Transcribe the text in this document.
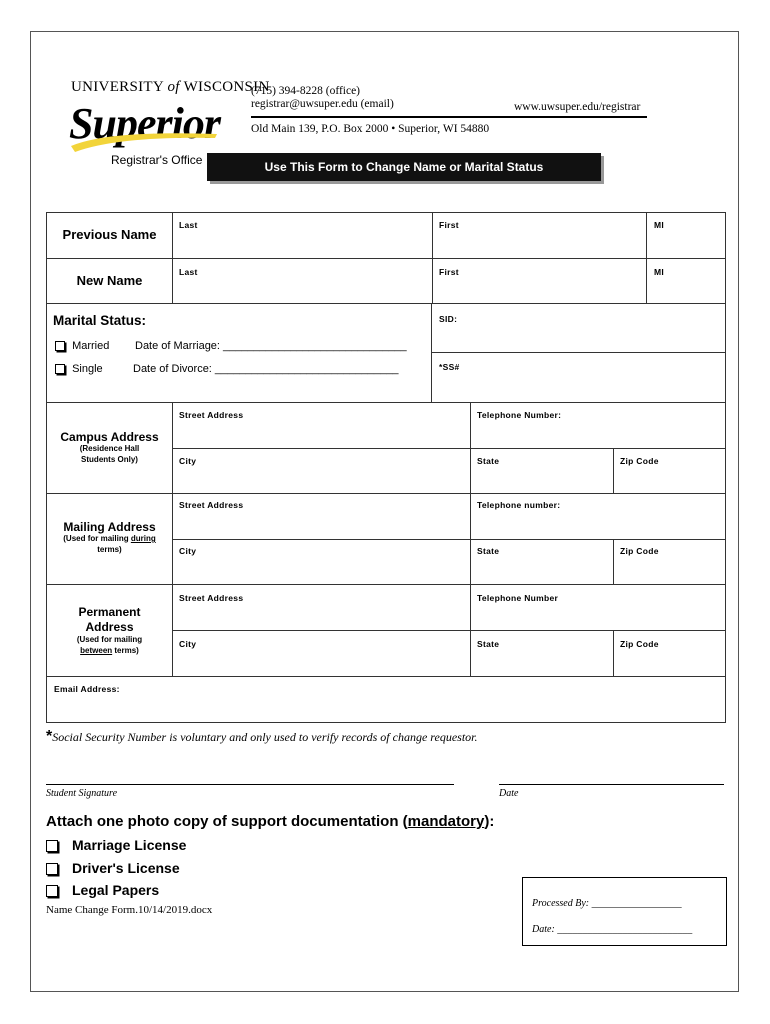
UNIVERSITY of WISCONSIN
Superior
Registrar's Office
(715) 394-8228 (office)
registrar@uwsuper.edu (email)	www.uwsuper.edu/registrar
Old Main 139, P.O. Box 2000 • Superior, WI 54880
Use This Form to Change Name or Marital Status
Previous Name
Last	First	MI
New Name
Last	First	MI
Marital Status:
Married Date of Marriage: ______________________________
Single	Date of Divorce: ______________________________
SID:
*SS#
Campus Address
(Residence Hall
Students Only)
Street Address	Telephone Number:
City	State	Zip Code
Mailing Address
(Used for mailing during
terms)
Street Address	Telephone number:
City	State	Zip Code
Permanent
Address
(Used for mailing
between terms)
Street Address	Telephone Number
City	State	Zip Code
Email Address:
*Social Security Number is voluntary and only used to verify records of change requestor.
Student Signature	Date
Attach one photo copy of support documentation (mandatory):
Marriage License
Driver's License
Legal Papers
Name Change Form.10/14/2019.docx
Processed By: __________________
Date: ___________________________
